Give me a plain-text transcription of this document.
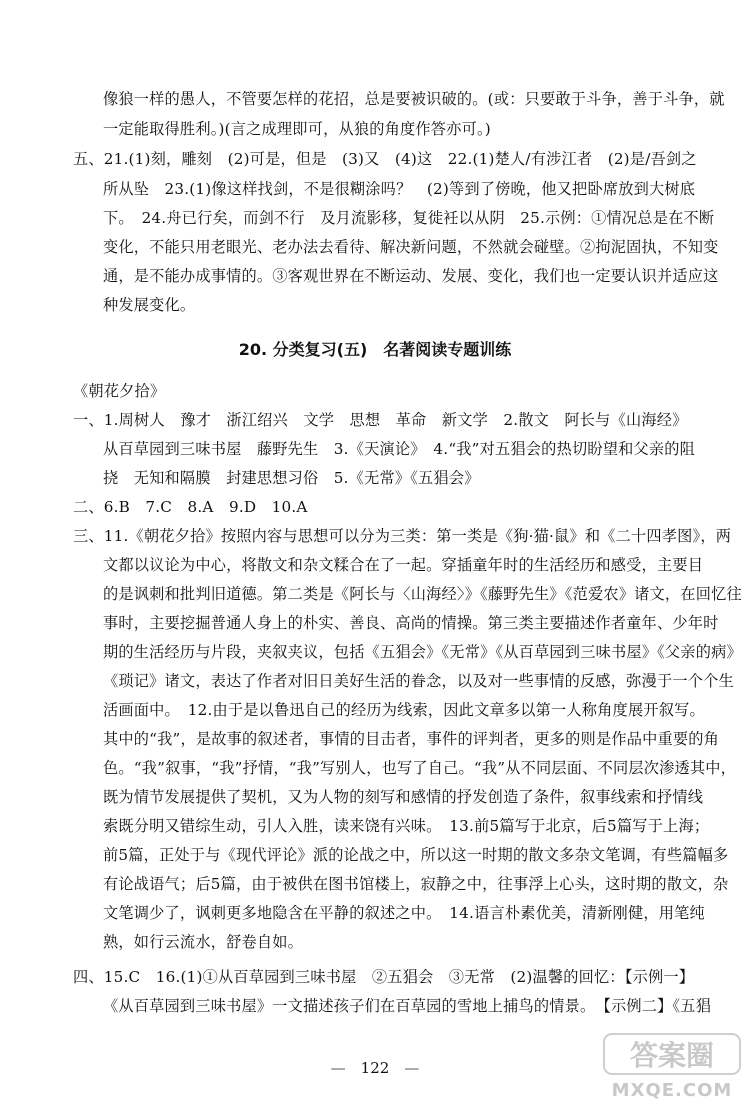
像狼一样的愚人，不管要怎样的花招，总是要被识破的。(或：只要敢于斗争，善于斗争，就
一定能取得胜利。)(言之成理即可，从狼的角度作答亦可。)
五、21.(1)刻，雕刻　(2)可是，但是　(3)又　(4)这　22.(1)楚人/有涉江者　(2)是/吾剑之
所从坠　23.(1)像这样找剑，不是很糊涂吗？　(2)等到了傍晚，他又把卧席放到大树底
下。　24.舟已行矣，而剑不行　及月流影移，复徙衽以从阴　25.示例：①情况总是在不断
变化，不能只用老眼光、老办法去看待、解决新问题，不然就会碰壁。②拘泥固执，不知变
通，是不能办成事情的。③客观世界在不断运动、发展、变化，我们也一定要认识并适应这
种发展变化。
20. 分类复习(五)　名著阅读专题训练
《朝花夕拾》
一、1.周树人　豫才　浙江绍兴　文学　思想　革命　新文学　2.散文　阿长与《山海经》
从百草园到三味书屋　藤野先生　3.《天演论》　4.“我”对五猖会的热切盼望和父亲的阻
挠　无知和隔膜　封建思想习俗　5.《无常》《五猖会》
二、6.B　7.C　8.A　9.D　10.A
三、11.《朝花夕拾》按照内容与思想可以分为三类：第一类是《狗·猫·鼠》和《二十四孝图》，两
文都以议论为中心，将散文和杂文糅合在了一起。穿插童年时的生活经历和感受，主要目
的是讽刺和批判旧道德。第二类是《阿长与〈山海经〉》《藤野先生》《范爱农》诸文，在回忆往
事时，主要挖掘普通人身上的朴实、善良、高尚的情操。第三类主要描述作者童年、少年时
期的生活经历与片段，夹叙夹议，包括《五猖会》《无常》《从百草园到三味书屋》《父亲的病》
《琐记》诸文，表达了作者对旧日美好生活的眷念，以及对一些事情的反感，弥漫于一个个生
活画面中。　12.由于是以鲁迅自己的经历为线索，因此文章多以第一人称角度展开叙写。
其中的“我”，是故事的叙述者，事情的目击者，事件的评判者，更多的则是作品中重要的角
色。“我”叙事，“我”抒情，“我”写别人，也写了自己。“我”从不同层面、不同层次渗透其中，
既为情节发展提供了契机，又为人物的刻写和感情的抒发创造了条件，叙事线索和抒情线
索既分明又错综生动，引人入胜，读来饶有兴味。　13.前5篇写于北京，后5篇写于上海；
前5篇，正处于与《现代评论》派的论战之中，所以这一时期的散文多杂文笔调，有些篇幅多
有论战语气；后5篇，由于被供在图书馆楼上，寂静之中，往事浮上心头，这时期的散文，杂
文笔调少了，讽刺更多地隐含在平静的叙述之中。　14.语言朴素优美，清新刚健，用笔纯
熟，如行云流水，舒卷自如。
四、15.C　16.(1)①从百草园到三味书屋　②五猖会　③无常　(2)温馨的回忆：【示例一】
《从百草园到三味书屋》一文描述孩子们在百草园的雪地上捕鸟的情景。　【示例二】《五猖
—　122　—	答案圈
MXQE.COM
